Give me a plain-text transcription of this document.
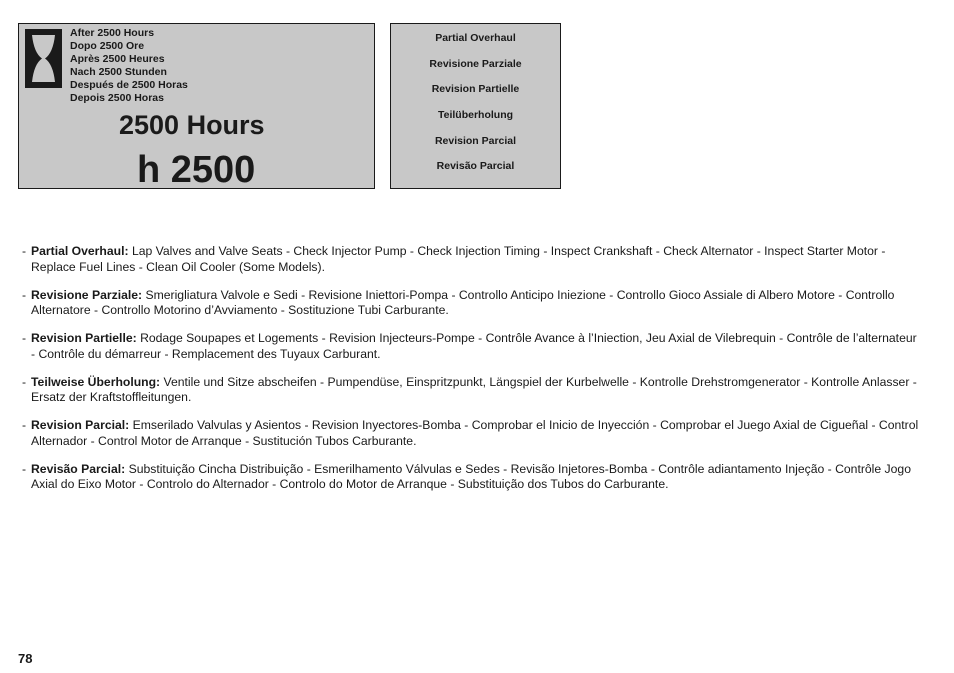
After 2500 Hours
Dopo 2500 Ore
Après 2500 Heures
Nach 2500 Stunden
Después de 2500 Horas
Depois 2500 Horas
2500 Hours
h 2500
Partial Overhaul
Revisione Parziale
Revision Partielle
Teilüberholung
Revision Parcial
Revisão Parcial
- Partial Overhaul: Lap Valves and Valve Seats - Check Injector Pump - Check Injection Timing - Inspect Crankshaft - Check Alternator - Inspect Starter Motor - Replace Fuel Lines - Clean Oil Cooler (Some Models).
- Revisione Parziale: Smerigliatura Valvole e Sedi - Revisione Iniettori-Pompa - Controllo Anticipo Iniezione - Controllo Gioco Assiale di Albero Motore - Controllo Alternatore - Controllo Motorino d’Avviamento - Sostituzione Tubi Carburante.
- Revision Partielle: Rodage Soupapes et Logements - Revision Injecteurs-Pompe - Contrôle Avance à l’Iniection, Jeu Axial de Vilebrequin - Contrôle de l’alternateur - Contrôle du démarreur - Remplacement des Tuyaux Carburant.
- Teilweise Überholung: Ventile und Sitze abscheifen - Pumpendüse, Einspritzpunkt, Längspiel der Kurbelwelle - Kontrolle Drehstromgenerator - Kontrolle Anlasser - Ersatz der Kraftstoffleitungen.
- Revision Parcial: Emserilado Valvulas y Asientos - Revision Inyectores-Bomba - Comprobar el Inicio de Inyección - Comprobar el Juego Axial de Cigueñal - Control Alternador - Control Motor de Arranque - Sustitución Tubos Carburante.
- Revisão Parcial: Substituição Cincha Distribuição - Esmerilhamento Válvulas e Sedes - Revisão Injetores-Bomba - Contrôle adiantamento Injeção - Contrôle Jogo Axial do Eixo Motor - Controlo do Alternador - Controlo do Motor de Arranque - Substituição dos Tubos do Carburante.
78
